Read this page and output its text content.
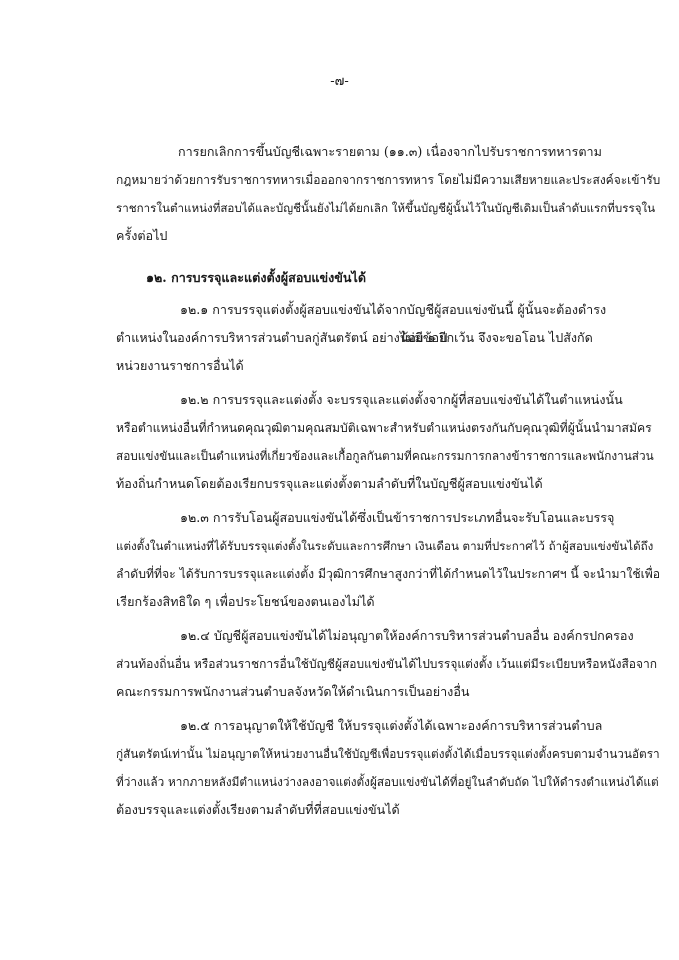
-๗-
การยกเลิกการขึ้นบัญชีเฉพาะรายตาม (๑๑.๓) เนื่องจากไปรับราชการทหารตาม
กฎหมายว่าด้วยการรับราชการทหารเมื่อออกจากราชการทหาร โดยไม่มีความเสียหายและประสงค์จะเข้ารับ
ราชการในตำแหน่งที่สอบได้และบัญชีนั้นยังไม่ได้ยกเลิก ให้ขึ้นบัญชีผู้นั้นไว้ในบัญชีเดิมเป็นลำดับแรกที่บรรจุใน
ครั้งต่อไป
๑๒. การบรรจุและแต่งตั้งผู้สอบแข่งขันได้
๑๒.๑ การบรรจุแต่งตั้งผู้สอบแข่งขันได้จากบัญชีผู้สอบแข่งขันนี้ ผู้นั้นจะต้องดำรง
ตำแหน่งในองค์การบริหารส่วนตำบลกู่สันตรัตน์ อย่างน้อย ๑ ปี
ไม่มีข้อยกเว้น จึงจะขอโอน ไปสังกัด
หน่วยงานราชการอื่นได้
๑๒.๒ การบรรจุและแต่งตั้ง จะบรรจุและแต่งตั้งจากผู้ที่สอบแข่งขันได้ในตำแหน่งนั้น
หรือตำแหน่งอื่นที่กำหนดคุณวุฒิตามคุณสมบัติเฉพาะสำหรับตำแหน่งตรงกันกับคุณวุฒิที่ผู้นั้นนำมาสมัคร
สอบแข่งขันและเป็นตำแหน่งที่เกี่ยวข้องและเกื้อกูลกันตามที่คณะกรรมการกลางข้าราชการและพนักงานส่วน
ท้องถิ่นกำหนดโดยต้องเรียกบรรจุและแต่งตั้งตามลำดับที่ในบัญชีผู้สอบแข่งขันได้
๑๒.๓ การรับโอนผู้สอบแข่งขันได้ซึ่งเป็นข้าราชการประเภทอื่นจะรับโอนและบรรจุ
แต่งตั้งในตำแหน่งที่ได้รับบรรจุแต่งตั้งในระดับและการศึกษา เงินเดือน ตามที่ประกาศไว้ ถ้าผู้สอบแข่งขันได้ถึง
ลำดับที่ที่จะ ได้รับการบรรจุและแต่งตั้ง มีวุฒิการศึกษาสูงกว่าที่ได้กำหนดไว้ในประกาศฯ นี้ จะนำมาใช้เพื่อ
เรียกร้องสิทธิใด ๆ เพื่อประโยชน์ของตนเองไม่ได้
๑๒.๔ บัญชีผู้สอบแข่งขันได้ไม่อนุญาตให้องค์การบริหารส่วนตำบลอื่น องค์กรปกครอง
ส่วนท้องถิ่นอื่น หรือส่วนราชการอื่นใช้บัญชีผู้สอบแข่งขันได้ไปบรรจุแต่งตั้ง เว้นแต่มีระเบียบหรือหนังสือจาก
คณะกรรมการพนักงานส่วนตำบลจังหวัดให้ดำเนินการเป็นอย่างอื่น
๑๒.๕ การอนุญาตให้ใช้บัญชี ให้บรรจุแต่งตั้งได้เฉพาะองค์การบริหารส่วนตำบล
กู่สันตรัตน์เท่านั้น ไม่อนุญาตให้หน่วยงานอื่นใช้บัญชีเพื่อบรรจุแต่งตั้งได้เมื่อบรรจุแต่งตั้งครบตามจำนวนอัตรา
ที่ว่างแล้ว หากภายหลังมีตำแหน่งว่างลงอาจแต่งตั้งผู้สอบแข่งขันได้ที่อยู่ในลำดับถัด ไปให้ดำรงตำแหน่งได้แต่
ต้องบรรจุและแต่งตั้งเรียงตามลำดับที่ที่สอบแข่งขันได้
